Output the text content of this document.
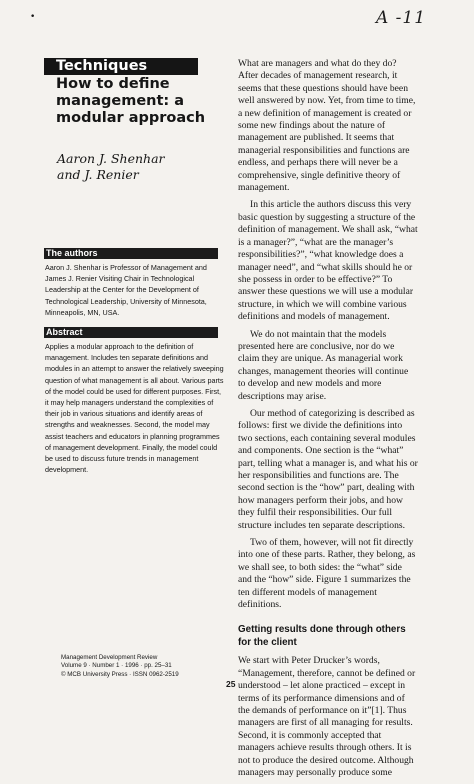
A -11
•
Techniques
How to define management: a modular approach
Aaron J. Shenhar
and J. Renier
The authors
Aaron J. Shenhar is Professor of Management and James J. Renier Visiting Chair in Technological Leadership at the Center for the Development of Technological Leadership, University of Minnesota, Minneapolis, MN, USA.
Abstract
Applies a modular approach to the definition of management. Includes ten separate definitions and modules in an attempt to answer the relatively sweeping question of what management is all about. Various parts of the model could be used for different purposes. First, it may help managers understand the complexities of their job in various situations and identify areas of strengths and weaknesses. Second, the model may assist teachers and educators in planning programmes of management development. Finally, the model could be used to discuss future trends in management development.
Management Development Review
Volume 9 · Number 1 · 1996 · pp. 25–31
© MCB University Press · ISSN 0962-2519

What are managers and what do they do? After decades of management research, it seems that these questions should have been well answered by now. Yet, from time to time, a new definition of management is created or some new findings about the nature of management are published. It seems that managerial responsibilities and functions are endless, and perhaps there will never be a comprehensive, single definitive theory of management.

In this article the authors discuss this very basic question by suggesting a structure of the definition of management. We shall ask, “what is a manager?”, “what are the manager’s responsibilities?”, “what knowledge does a manager need”, and “what skills should he or she possess in order to be effective?” To answer these questions we will use a modular structure, in which we will combine various definitions and models of management.

We do not maintain that the models presented here are conclusive, nor do we claim they are unique. As managerial work changes, management theories will continue to develop and new models and more descriptions may arise.

Our method of categorizing is described as follows: first we divide the definitions into two sections, each containing several modules and components. One section is the “what” part, telling what a manager is, and what his or her responsibilities and functions are. The second section is the “how” part, dealing with how managers perform their jobs, and how they fulfil their responsibilities. Our full structure includes ten separate descriptions.

Two of them, however, will not fit directly into one of these parts. Rather, they belong, as we shall see, to both sides: the “what” side and the “how” side. Figure 1 summarizes the ten different models of management definitions.

Getting results done through others for the client

We start with Peter Drucker’s words, “Management, therefore, cannot be defined or understood – let alone practiced – except in terms of its performance dimensions and of the demands of performance on it”[1]. Thus managers are first of all managing for results. Second, it is commonly accepted that managers achieve results through others. It is not to produce the desired outcome. Although managers may personally produce some

25
